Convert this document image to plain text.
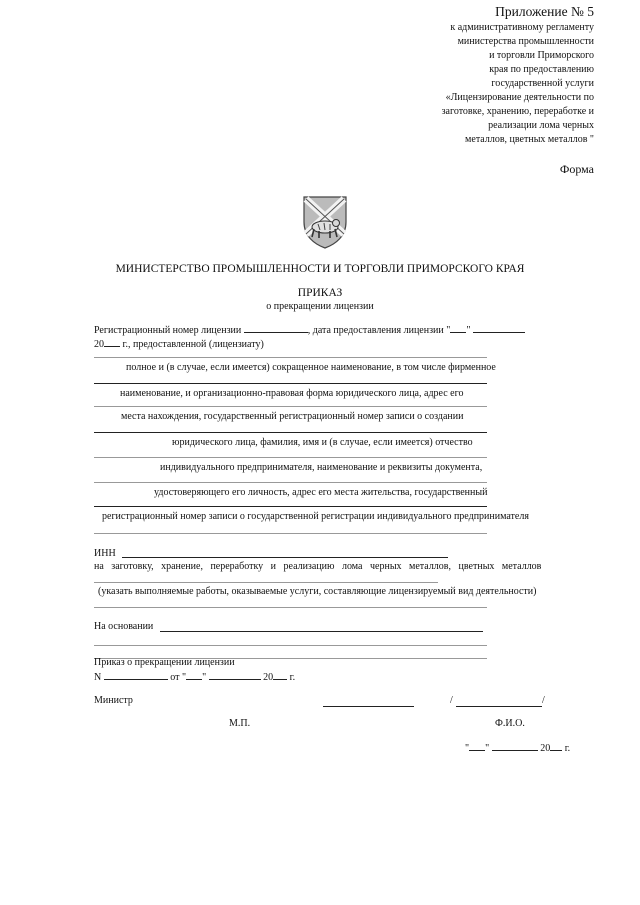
Приложение № 5
к административному регламенту
министерства промышленности
и торговли Приморского
края по предоставлению
государственной услуги
«Лицензирование деятельности по
заготовке, хранению, переработке и
реализации лома черных
металлов, цветных металлов "
Форма
МИНИСТЕРСТВО ПРОМЫШЛЕННОСТИ И ТОРГОВЛИ ПРИМОРСКОГО КРАЯ
ПРИКАЗ
о прекращении лицензии
Регистрационный номер лицензии	, дата предоставления лицензии " "
20 г., предоставленной (лицензиату)
полное и (в случае, если имеется) сокращенное наименование, в том числе фирменное
наименование, и организационно-правовая форма юридического лица, адрес его
места нахождения, государственный регистрационный номер записи о создании
юридического лица, фамилия, имя и (в случае, если имеется) отчество
индивидуального предпринимателя, наименование и реквизиты документа,
удостоверяющего его личность, адрес его места жительства, государственный
регистрационный номер записи о государственной регистрации индивидуального предпринимателя
ИНН
на заготовку, хранение, переработку и реализацию лома черных металлов, цветных металлов
(указать выполняемые работы, оказываемые услуги, составляющие лицензируемый вид деятельности)
На основании
Приказ о прекращении лицензии
N	от " "	20 г.
Министр	/	/
М.П.	Ф.И.О.
" "	20 г.
